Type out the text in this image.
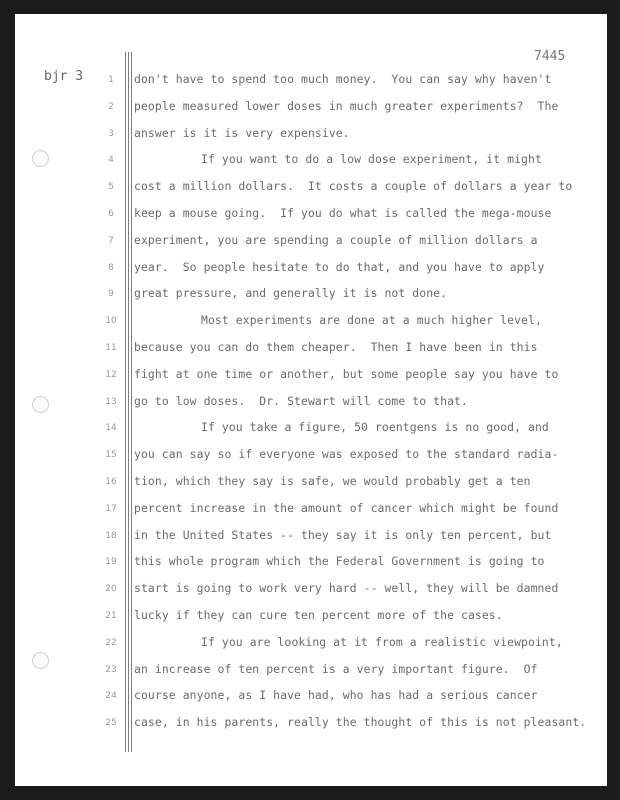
bjr 3
7445
1	don't have to spend too much money.  You can say why haven't
2	people measured lower doses in much greater experiments?  The
3	answer is it is very expensive.
4	If you want to do a low dose experiment, it might
5	cost a million dollars.  It costs a couple of dollars a year to
6	keep a mouse going.  If you do what is called the mega-mouse
7	experiment, you are spending a couple of million dollars a
8	year.  So people hesitate to do that, and you have to apply
9	great pressure, and generally it is not done.
10	Most experiments are done at a much higher level,
11	because you can do them cheaper.  Then I have been in this
12	fight at one time or another, but some people say you have to
13	go to low doses.  Dr. Stewart will come to that.
14	If you take a figure, 50 roentgens is no good, and
15	you can say so if everyone was exposed to the standard radia-
16	tion, which they say is safe, we would probably get a ten
17	percent increase in the amount of cancer which might be found
18	in the United States -- they say it is only ten percent, but
19	this whole program which the Federal Government is going to
20	start is going to work very hard -- well, they will be damned
21	lucky if they can cure ten percent more of the cases.
22	If you are looking at it from a realistic viewpoint,
23	an increase of ten percent is a very important figure.  Of
24	course anyone, as I have had, who has had a serious cancer
25	case, in his parents, really the thought of this is not pleasant.
